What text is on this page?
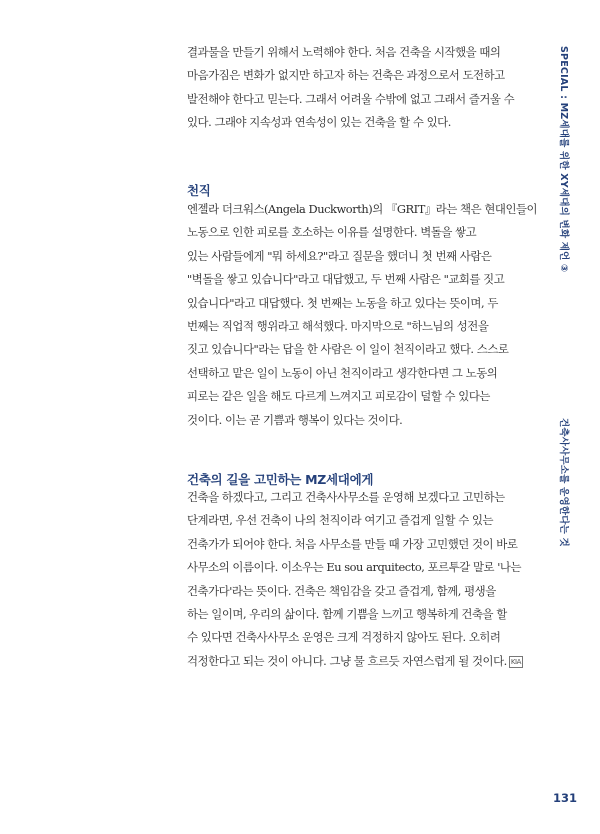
결과물을 만들기 위해서 노력해야 한다. 처음 건축을 시작했을 때의
마음가짐은 변화가 없지만 하고자 하는 건축은 과정으로서 도전하고
발전해야 한다고 믿는다. 그래서 어려울 수밖에 없고 그래서 즐거울 수
있다. 그래야 지속성과 연속성이 있는 건축을 할 수 있다.

천직

엔젤라 더크워스(Angela Duckworth)의 『GRIT』라는 책은 현대인들이
노동으로 인한 피로를 호소하는 이유를 설명한다. 벽돌을 쌓고
있는 사람들에게 "뭐 하세요?"라고 질문을 했더니 첫 번째 사람은
"벽돌을 쌓고 있습니다"라고 대답했고, 두 번째 사람은 "교회를 짓고
있습니다"라고 대답했다. 첫 번째는 노동을 하고 있다는 뜻이며, 두
번째는 직업적 행위라고 해석했다. 마지막으로 "하느님의 성전을
짓고 있습니다"라는 답을 한 사람은 이 일이 천직이라고 했다. 스스로
선택하고 맡은 일이 노동이 아닌 천직이라고 생각한다면 그 노동의
피로는 같은 일을 해도 다르게 느껴지고 피로감이 덜할 수 있다는
것이다. 이는 곧 기쁨과 행복이 있다는 것이다.

건축의 길을 고민하는 MZ세대에게

건축을 하겠다고, 그리고 건축사사무소를 운영해 보겠다고 고민하는
단계라면, 우선 건축이 나의 천직이라 여기고 즐겁게 일할 수 있는
건축가가 되어야 한다. 처음 사무소를 만들 때 가장 고민했던 것이 바로
사무소의 이름이다. 이소우는 Eu sou arquitecto, 포르투갈 말로 '나는
건축가다'라는 뜻이다. 건축은 책임감을 갖고 즐겁게, 함께, 평생을
하는 일이며, 우리의 삶이다. 함께 기쁨을 느끼고 행복하게 건축을 할
수 있다면 건축사사무소 운영은 크게 걱정하지 않아도 된다. 오히려
걱정한다고 되는 것이 아니다. 그냥 물 흐르듯 자연스럽게 될 것이다. KIA

SPECIAL : MZ세대를 위한 XY세대의 변화 제언 ③
건축사사무소를 운영한다는 것
131
